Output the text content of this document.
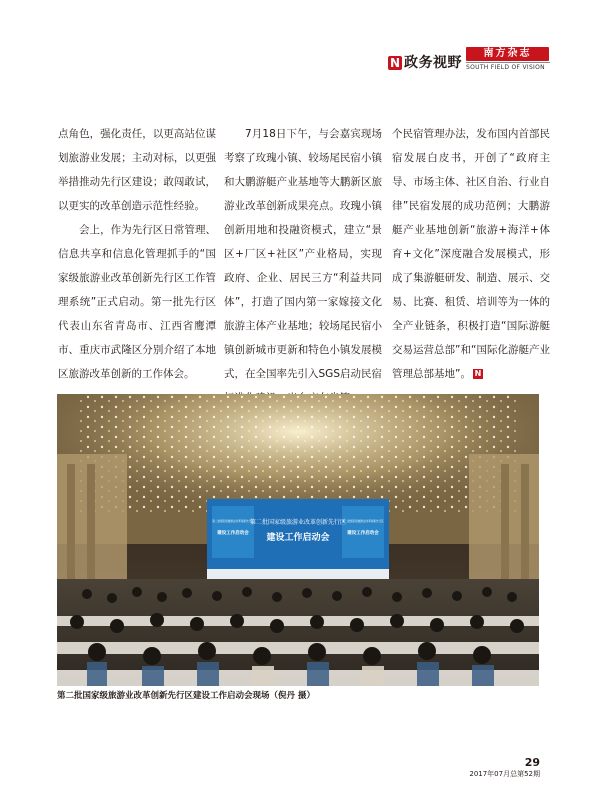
N 政务视野
南方杂志
SOUTH FIELD OF VISION

点角色，强化责任，以更高站位谋划旅游业发展；主动对标，以更强举措推动先行区建设；敢闯敢试，以更实的改革创造示范性经验。

会上，作为先行区日常管理、信息共享和信息化管理抓手的“国家级旅游业改革创新先行区工作管理系统”正式启动。第一批先行区代表山东省青岛市、江西省鹰潭市、重庆市武隆区分别介绍了本地区旅游改革创新的工作体会。

7月18日下午，与会嘉宾现场考察了玫瑰小镇、较场尾民宿小镇和大鹏游艇产业基地等大鹏新区旅游业改革创新成果亮点。玫瑰小镇创新用地和投融资模式，建立“景区+厂区+社区”产业格局，实现政府、企业、居民三方“利益共同体”，打造了国内第一家嫁接文化旅游主体产业基地；较场尾民宿小镇创新城市更新和特色小镇发展模式，在全国率先引入SGS启动民宿

个民宿管理办法，发布国内首部民宿发展白皮书，开创了“政府主导、市场主体、社区自治、行业自律”民宿发展的成功范例；大鹏游艇产业基地创新“旅游+海洋+体育+文化”深度融合发展模式，形成了集游艇研发、制造、展示、交易、比赛、租赁、培训等为一体的全产业链条，积极打造“国际游艇交易运营总部”和“国际化游艇产业管理总部基地”。 N

第二批国家级旅游业改革创新先行区
建设工作启动会
第二批国家级旅游业改革创新先行区
建设工作启动会
第二批国家级旅游业改革创新先行区
建设工作启动会
第二批国家级旅游业改革创新先行区建设工作启动会现场（倪丹 摄）
29
2017年07月总第52期
